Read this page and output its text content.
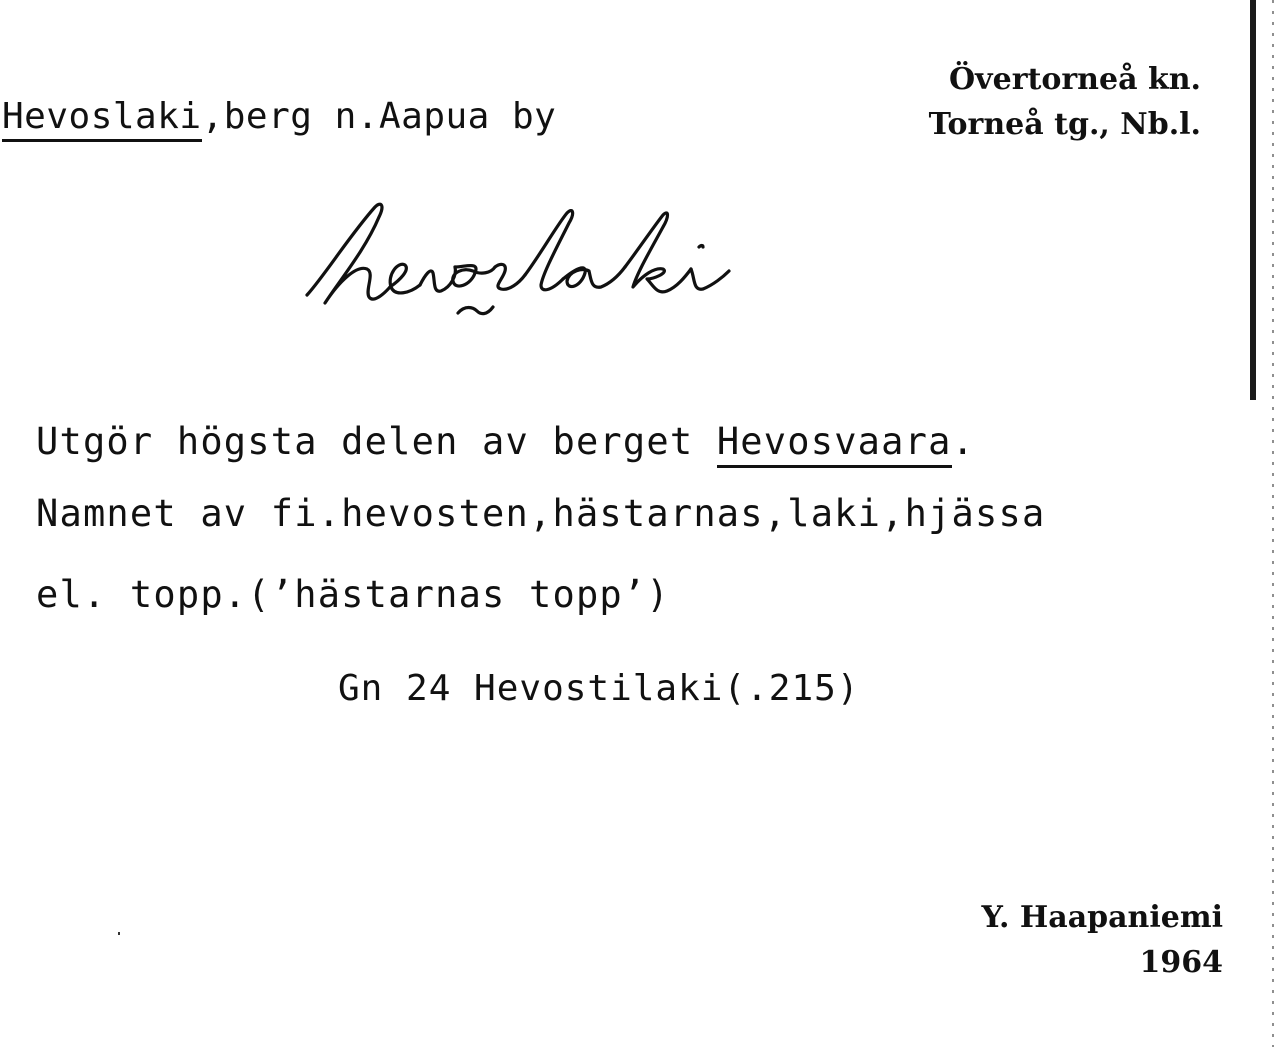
Hevoslaki,berg n.Aapua by
Övertorneå kn.
Torneå tg., Nb.l.
Utgör högsta delen av berget Hevosvaara.
Namnet av fi.hevosten,hästarnas,laki,hjässa
el. topp.(ʼhästarnas toppʼ)
Gn 24 Hevostilaki(.215)
Y. Haapaniemi
1964
